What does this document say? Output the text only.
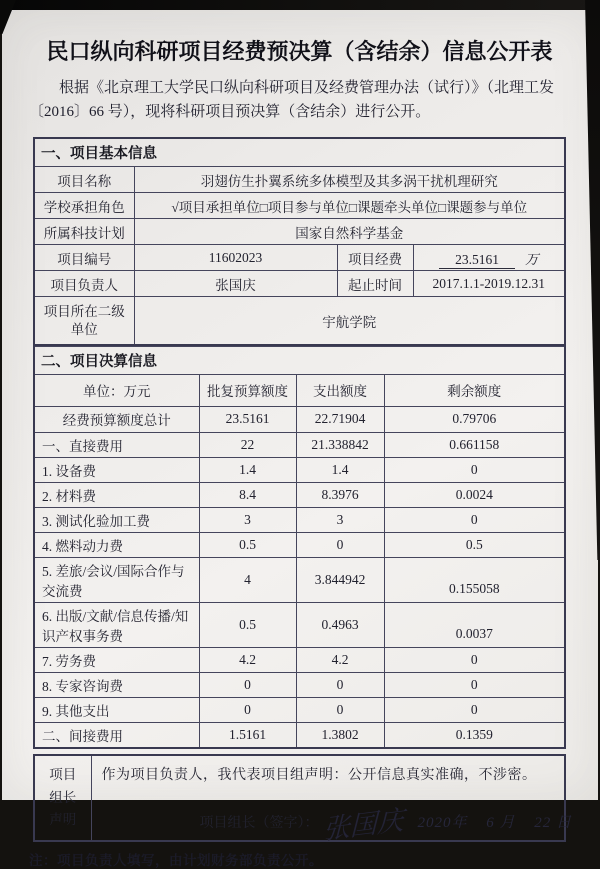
民口纵向科研项目经费预决算（含结余）信息公开表

根据《北京理工大学民口纵向科研项目及经费管理办法（试行）》（北理工发
〔2016〕66 号），现将科研项目预决算（含结余）进行公开。

一、项目基本信息			
项目名称	羽翅仿生扑翼系统多体模型及其多涡干扰机理研究		
学校承担角色	√项目承担单位□项目参与单位□课题牵头单位□课题参与单位		
所属科技计划	国家自然科学基金		
项目编号	11602023	项目经费	23.5161 万
项目负责人	张国庆	起止时间	2017.1.1-2019.12.31

项目所在二级
单位	宇航学院		
二、项目决算信息			
单位：万元	批复预算额度	支出额度	剩余额度
经费预算额度总计	23.5161	22.71904	0.79706
一、直接费用	22	21.338842	0.661158
1. 设备费	1.4	1.4	0
2. 材料费	8.4	8.3976	0.0024
3. 测试化验加工费	3	3	0
4. 燃料动力费	0.5	0	0.5
5. 差旅/会议/国际合作与交流费	4	3.844942	0.155058
6. 出版/文献/信息传播/知识产权事务费	0.5	0.4963	0.0037
7. 劳务费	4.2	4.2	0
8. 专家咨询费	0	0	0
9. 其他支出	0	0	0
二、间接费用	1.5161	1.3802	0.1359
项目
组长
声明

作为项目负责人，我代表项目组声明：公开信息真实准确，不涉密。
项目组长（签字）： 张国庆 2020年 6 月 22 日
注：项目负责人填写，由计划财务部负责公开。
